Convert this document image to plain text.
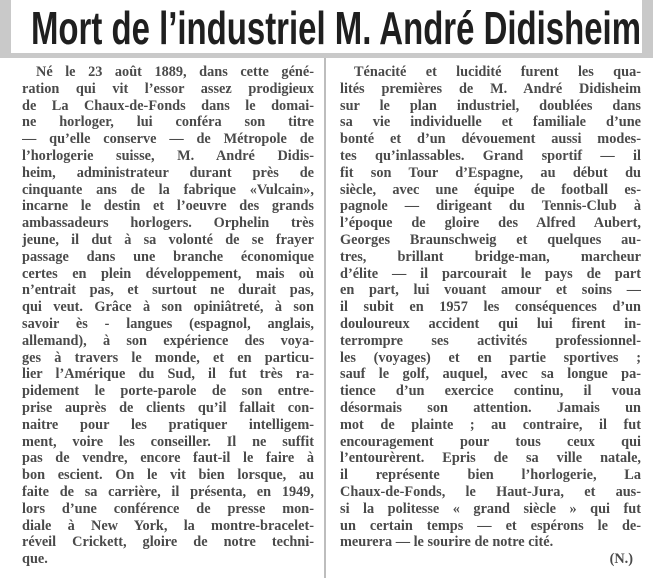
Mort de l’industriel M. André Didisheim
Né le 23 août 1889, dans cette géné-
ration qui vit l’essor assez prodigieux
de La Chaux-de-Fonds dans le domai-
ne horloger, lui conféra son titre
— qu’elle conserve — de Métropole de
l’horlogerie suisse, M. André Didis-
heim, administrateur durant près de
cinquante ans de la fabrique «Vulcain»,
incarne le destin et l’oeuvre des grands
ambassadeurs horlogers. Orphelin très
jeune, il dut à sa volonté de se frayer
passage dans une branche économique
certes en plein développement, mais où
n’entrait pas, et surtout ne durait pas,
qui veut. Grâce à son opiniâtreté, à son
savoir ès - langues (espagnol, anglais,
allemand), à son expérience des voya-
ges à travers le monde, et en particu-
lier l’Amérique du Sud, il fut très ra-
pidement le porte-parole de son entre-
prise auprès de clients qu’il fallait con-
naitre pour les pratiquer intelligem-
ment, voire les conseiller. Il ne suffit
pas de vendre, encore faut-il le faire à
bon escient. On le vit bien lorsque, au
faite de sa carrière, il présenta, en 1949,
lors d’une conférence de presse mon-
diale à New York, la montre-bracelet-
réveil Crickett, gloire de notre techni-
que.
Ténacité et lucidité furent les qua-
lités premières de M. André Didisheim
sur le plan industriel, doublées dans
sa vie individuelle et familiale d’une
bonté et d’un dévouement aussi modes-
tes qu’inlassables. Grand sportif — il
fit son Tour d’Espagne, au début du
siècle, avec une équipe de football es-
pagnole — dirigeant du Tennis-Club à
l’époque de gloire des Alfred Aubert,
Georges Braunschweig et quelques au-
tres, brillant bridge-man, marcheur
d’élite — il parcourait le pays de part
en part, lui vouant amour et soins —
il subit en 1957 les conséquences d’un
douloureux accident qui lui firent in-
terrompre ses activités professionnel-
les (voyages) et en partie sportives ;
sauf le golf, auquel, avec sa longue pa-
tience d’un exercice continu, il voua
désormais son attention. Jamais un
mot de plainte ; au contraire, il fut
encouragement pour tous ceux qui
l’entourèrent. Epris de sa ville natale,
il représente bien l’horlogerie, La
Chaux-de-Fonds, le Haut-Jura, et aus-
si la politesse « grand siècle » qui fut
un certain temps — et espérons le de-
meurera — le sourire de notre cité.
(N.)
